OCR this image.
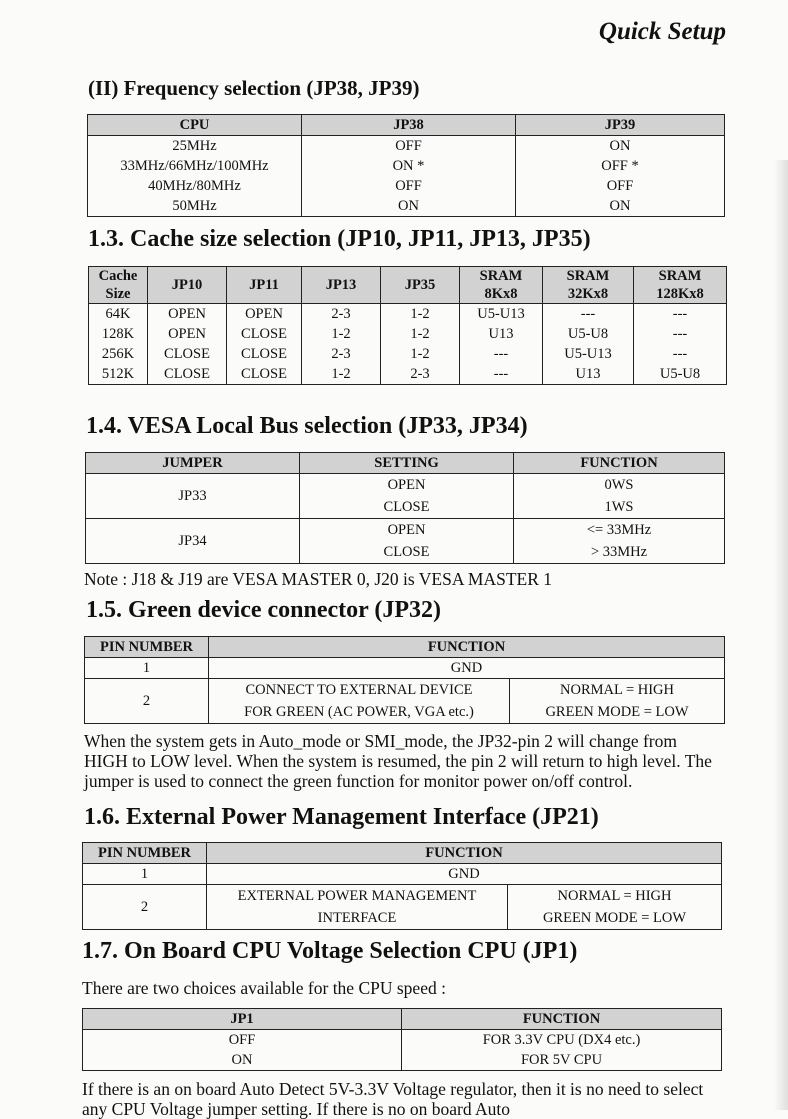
Quick Setup
(II) Frequency selection (JP38, JP39)
CPU	JP38	JP39
25MHz	OFF	ON
33MHz/66MHz/100MHz	ON *	OFF *
40MHz/80MHz	OFF	OFF
50MHz	ON	ON
1.3. Cache size selection (JP10, JP11, JP13, JP35)
Cache Size	JP10	JP11	JP13	JP35	SRAM 8Kx8	SRAM 32Kx8	SRAM 128Kx8
64K	OPEN	OPEN	2-3	1-2	U5-U13	---	---
128K	OPEN	CLOSE	1-2	1-2	U13	U5-U8	---
256K	CLOSE	CLOSE	2-3	1-2	---	U5-U13	---
512K	CLOSE	CLOSE	1-2	2-3	---	U13	U5-U8
1.4. VESA Local Bus selection (JP33, JP34)
JUMPER	SETTING	FUNCTION
JP33	OPEN	0WS
	CLOSE	1WS
JP34	OPEN	<= 33MHz
	CLOSE	> 33MHz
Note : J18 & J19 are VESA MASTER 0, J20 is VESA MASTER 1
1.5. Green device connector (JP32)
PIN NUMBER	FUNCTION	
1	GND	
2	CONNECT TO EXTERNAL DEVICE	NORMAL = HIGH
	FOR GREEN (AC POWER, VGA etc.)	GREEN MODE = LOW
When the system gets in Auto_mode or SMI_mode, the JP32-pin 2 will change from HIGH to LOW level. When the system is resumed, the pin 2 will return to high level. The jumper is used to connect the green function for monitor power on/off control.
1.6. External Power Management Interface (JP21)
PIN NUMBER	FUNCTION	
1	GND	
2	EXTERNAL POWER MANAGEMENT	NORMAL = HIGH
	INTERFACE	GREEN MODE = LOW
1.7. On Board CPU Voltage Selection CPU (JP1)
There are two choices available for the CPU speed :
JP1	FUNCTION
OFF	FOR 3.3V CPU (DX4 etc.)
ON	FOR 5V CPU
If there is an on board Auto Detect 5V-3.3V Voltage regulator, then it is no need to select any CPU Voltage jumper setting. If there is no on board Auto
